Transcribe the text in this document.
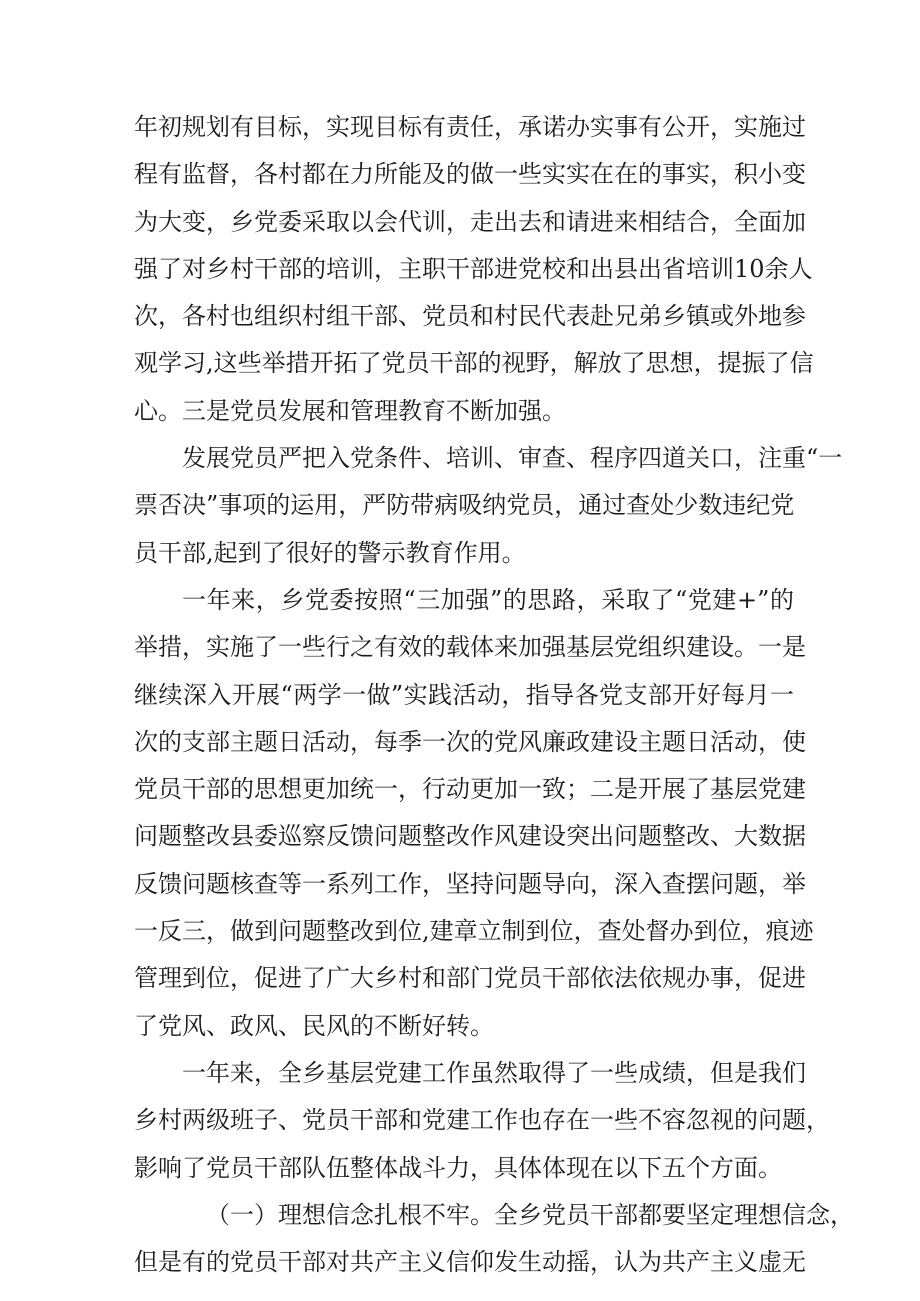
年初规划有目标，实现目标有责任，承诺办实事有公开，实施过
程有监督，各村都在力所能及的做一些实实在在的事实，积小变
为大变，乡党委采取以会代训，走出去和请进来相结合，全面加
强了对乡村干部的培训，主职干部进党校和出县出省培训10余人
次，各村也组织村组干部、党员和村民代表赴兄弟乡镇或外地参
观学习,这些举措开拓了党员干部的视野，解放了思想，提振了信
心。三是党员发展和管理教育不断加强。
发展党员严把入党条件、培训、审查、程序四道关口，注重“一
票否决”事项的运用，严防带病吸纳党员，通过查处少数违纪党
员干部,起到了很好的警示教育作用。
一年来，乡党委按照“三加强”的思路，采取了“党建+”的
举措，实施了一些行之有效的载体来加强基层党组织建设。一是
继续深入开展“两学一做”实践活动，指导各党支部开好每月一
次的支部主题日活动，每季一次的党风廉政建设主题日活动，使
党员干部的思想更加统一，行动更加一致；二是开展了基层党建
问题整改县委巡察反馈问题整改作风建设突出问题整改、大数据
反馈问题核查等一系列工作，坚持问题导向，深入查摆问题，举
一反三，做到问题整改到位,建章立制到位，查处督办到位，痕迹
管理到位，促进了广大乡村和部门党员干部依法依规办事，促进
了党风、政风、民风的不断好转。
一年来，全乡基层党建工作虽然取得了一些成绩，但是我们
乡村两级班子、党员干部和党建工作也存在一些不容忽视的问题，
影响了党员干部队伍整体战斗力，具体体现在以下五个方面。
（一）理想信念扎根不牢。全乡党员干部都要坚定理想信念，
但是有的党员干部对共产主义信仰发生动摇，认为共产主义虚无
